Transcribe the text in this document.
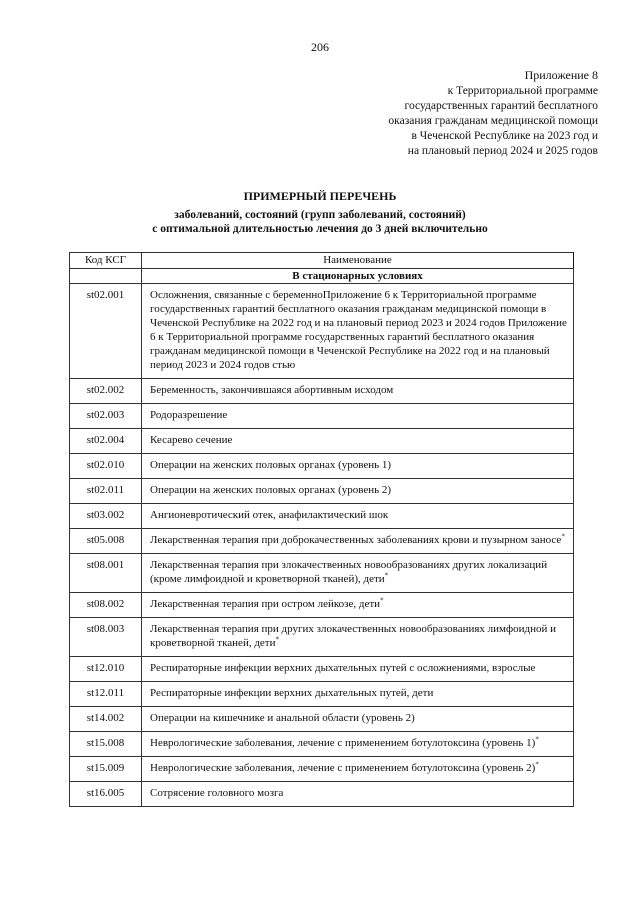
206
Приложение 8
к Территориальной программе
государственных гарантий бесплатного
оказания гражданам медицинской помощи
в Чеченской Республике на 2023 год и
на плановый период 2024 и 2025 годов
ПРИМЕРНЫЙ ПЕРЕЧЕНЬ
заболеваний, состояний (групп заболеваний, состояний)
с оптимальной длительностью лечения до 3 дней включительно
Код КСГ	Наименование
	В стационарных условиях
st02.001	Осложнения, связанные с беременноПриложение 6 к Территориальной программе государственных гарантий бесплатного оказания гражданам медицинской помощи в Чеченской Республике на 2022 год и на плановый период 2023 и 2024 годов Приложение 6 к Территориальной программе государственных гарантий бесплатного оказания гражданам медицинской помощи в Чеченской Республике на 2022 год и на плановый период 2023 и 2024 годов стью
st02.002	Беременность, закончившаяся абортивным исходом
st02.003	Родоразрешение
st02.004	Кесарево сечение
st02.010	Операции на женских половых органах (уровень 1)
st02.011	Операции на женских половых органах (уровень 2)
st03.002	Ангионевротический отек, анафилактический шок
st05.008	Лекарственная терапия при доброкачественных заболеваниях крови и пузырном заносе*
st08.001	Лекарственная терапия при злокачественных новообразованиях других локализаций (кроме лимфоидной и кроветворной тканей), дети*
st08.002	Лекарственная терапия при остром лейкозе, дети*
st08.003	Лекарственная терапия при других злокачественных новообразованиях лимфоидной и кроветворной тканей, дети*
st12.010	Респираторные инфекции верхних дыхательных путей с осложнениями, взрослые
st12.011	Респираторные инфекции верхних дыхательных путей, дети
st14.002	Операции на кишечнике и анальной области (уровень 2)
st15.008	Неврологические заболевания, лечение с применением ботулотоксина (уровень 1)*
st15.009	Неврологические заболевания, лечение с применением ботулотоксина (уровень 2)*
st16.005	Сотрясение головного мозга
